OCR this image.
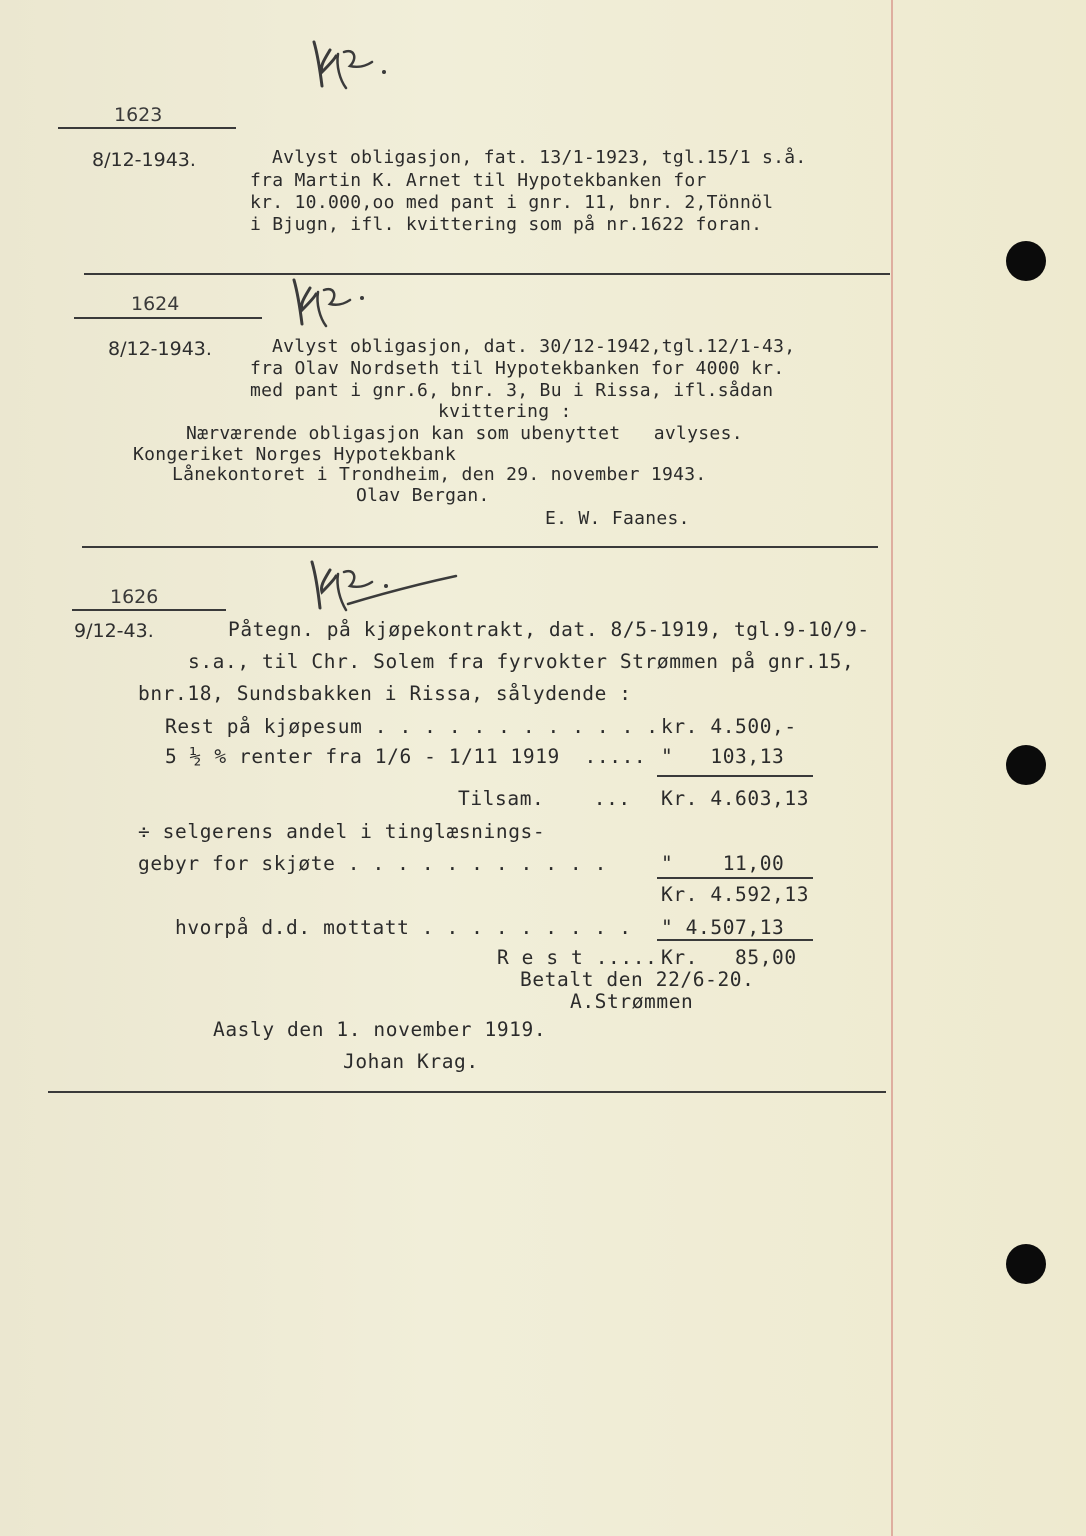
1623
8/12-1943.	Avlyst obligasjon, fat. 13/1-1923, tgl.15/1 s.å.
fra Martin K. Arnet til Hypotekbanken for
kr. 10.000,oo med pant i gnr. 11, bnr. 2,Tönnöl
i Bjugn, ifl. kvittering som på nr.1622 foran.
1624
8/12-1943.	Avlyst obligasjon, dat. 30/12-1942,tgl.12/1-43,
fra Olav Nordseth til Hypotekbanken for 4000 kr.
med pant i gnr.6, bnr. 3, Bu i Rissa, ifl.sådan
kvittering :
Nærværende obligasjon kan som ubenyttet   avlyses.
Kongeriket Norges Hypotekbank
Lånekontoret i Trondheim, den 29. november 1943.
Olav Bergan.
E. W. Faanes.
1626
9/12-43.	Påtegn. på kjøpekontrakt, dat. 8/5-1919, tgl.9-10/9-
s.a., til Chr. Solem fra fyrvokter Strømmen på gnr.15,
bnr.18, Sundsbakken i Rissa, sålydende :
Rest på kjøpesum . . . . . . . . . . . . kr. 4.500,-
5 ½ % renter fra 1/6 - 1/11 1919  ..... "   103,13
Tilsam.    ... Kr. 4.603,13
÷ selgerens andel i tinglæsnings-
gebyr for skjøte . . . . . . . . . . .	"    11,00
Kr. 4.592,13
hvorpå d.d. mottatt . . . . . . . . . " 4.507,13
R e s t ..... Kr.   85,00
Betalt den 22/6-20.
A.Strømmen
Aasly den 1. november 1919.
Johan Krag.
